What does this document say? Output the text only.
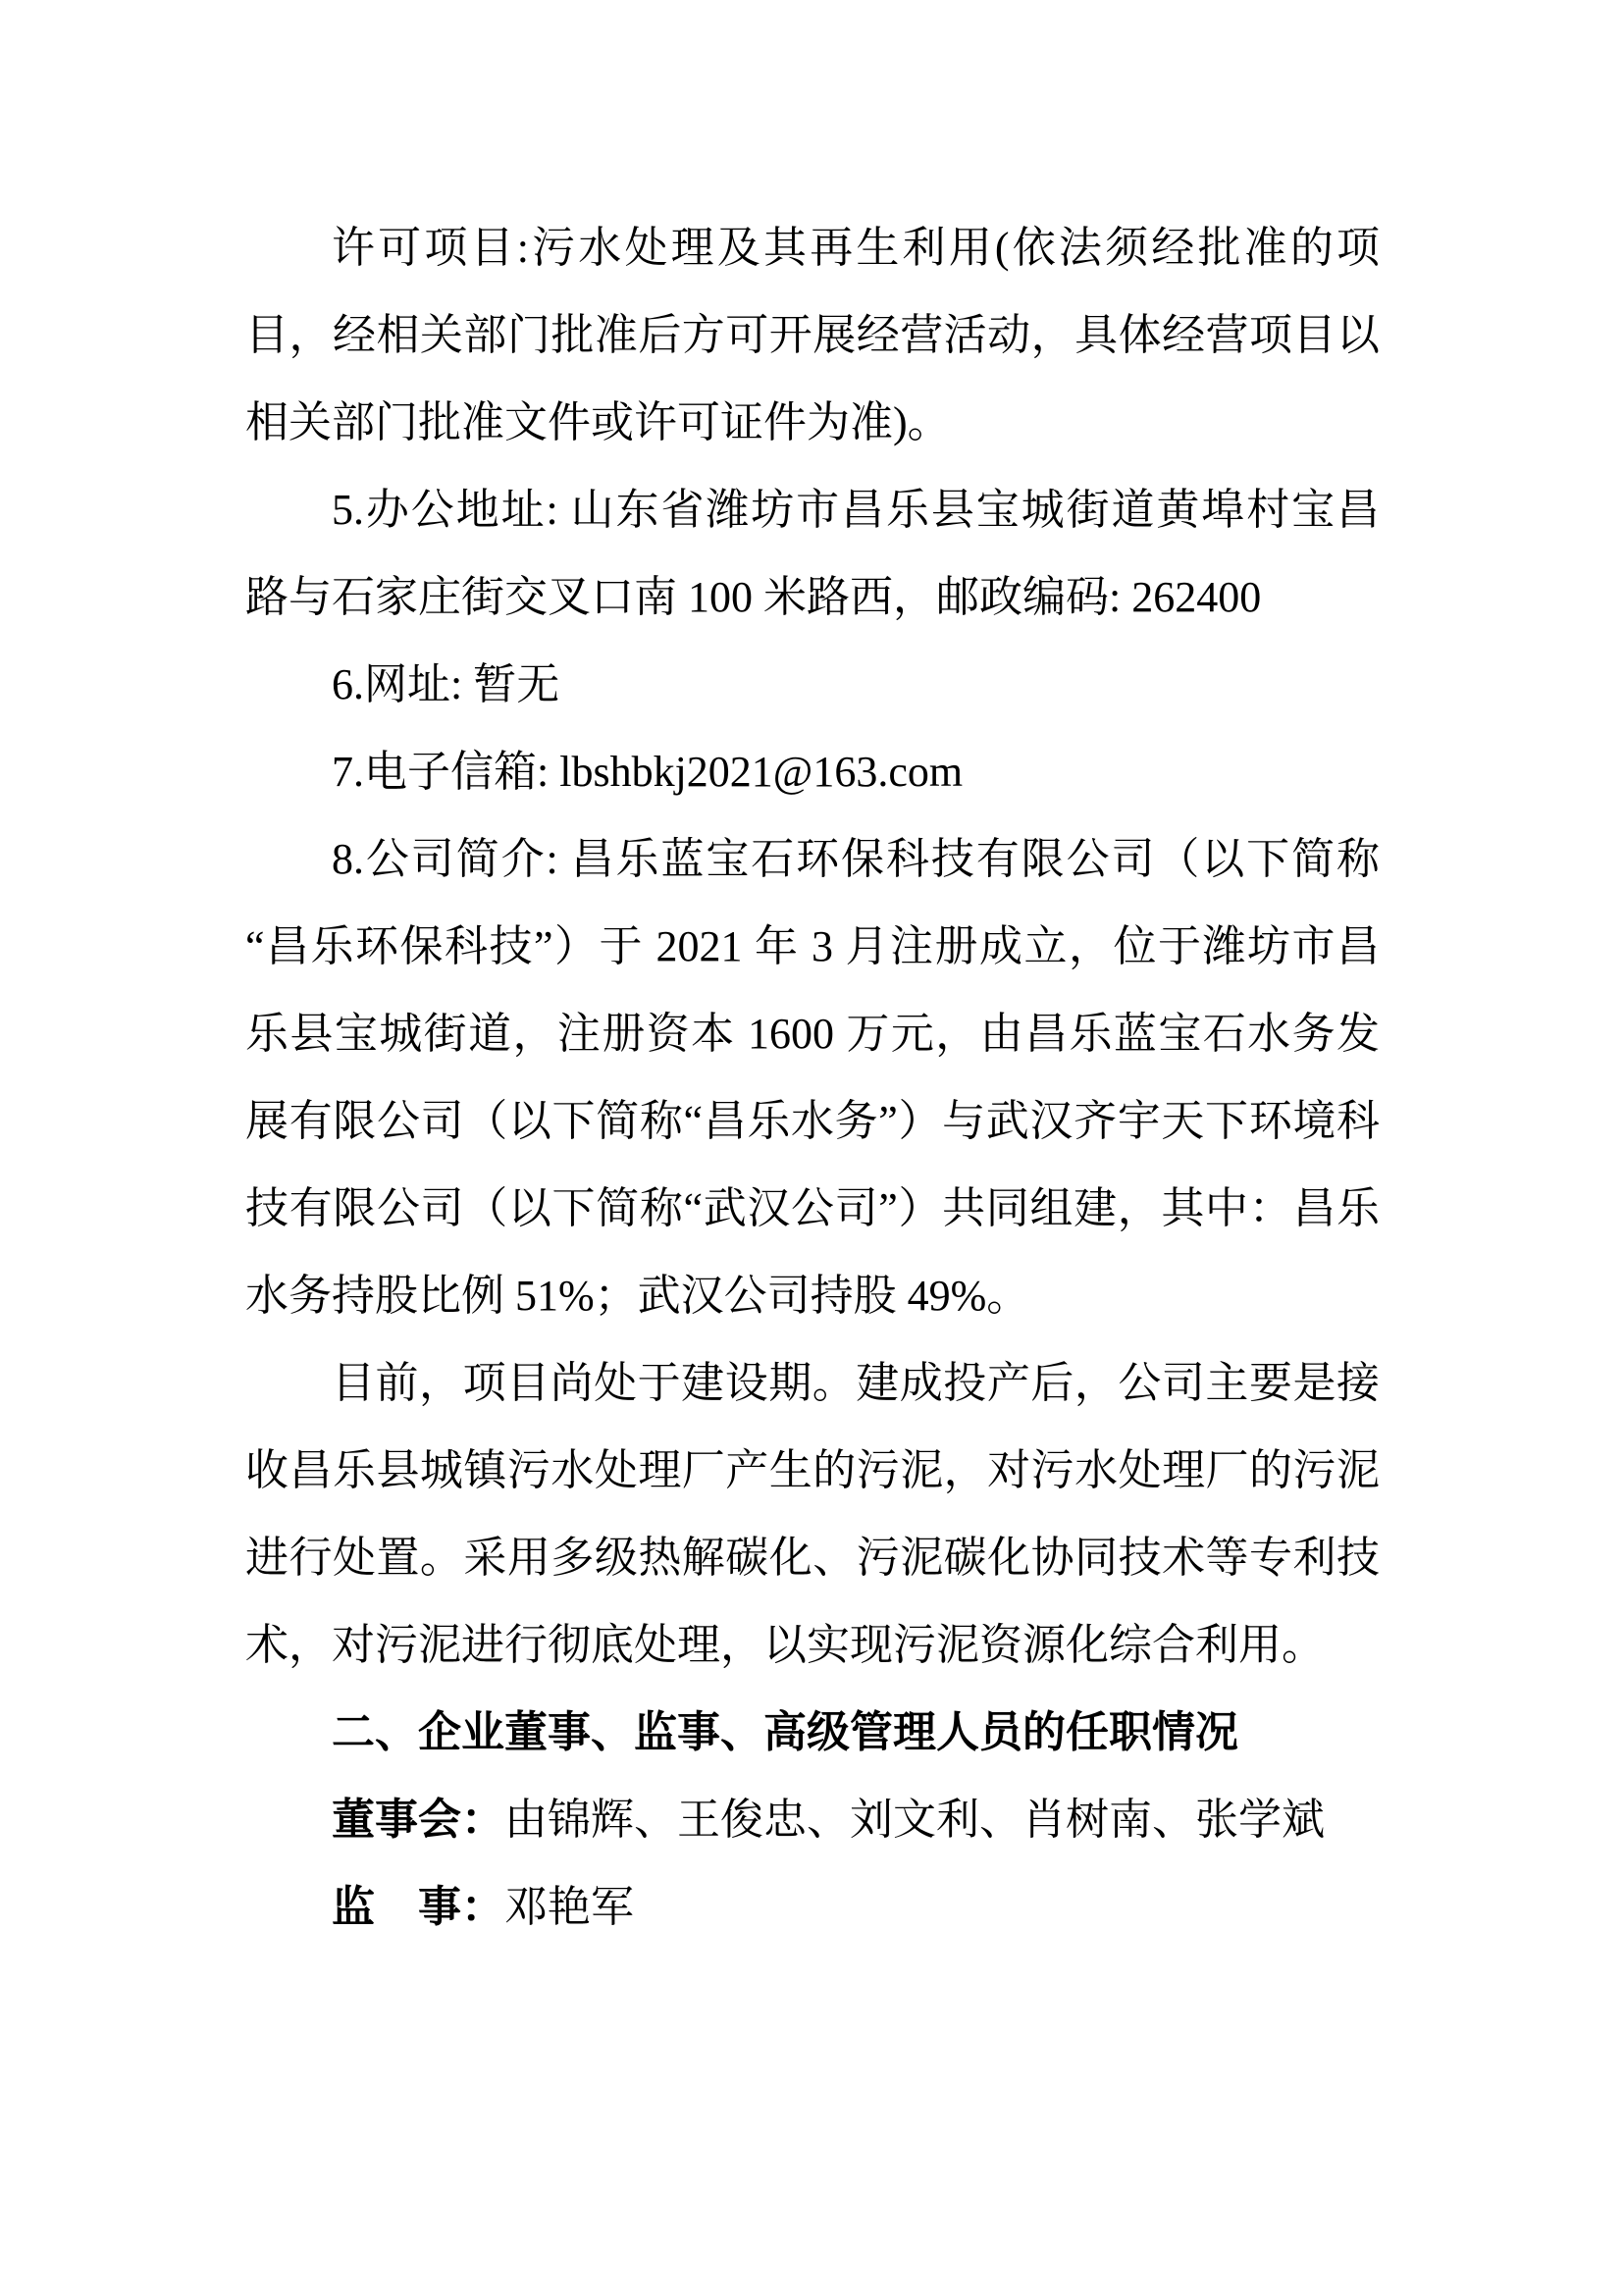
许可项目:污水处理及其再生利用(依法须经批准的项
目，经相关部门批准后方可开展经营活动，具体经营项目以
相关部门批准文件或许可证件为准)。
5.办公地址: 山东省潍坊市昌乐县宝城街道黄埠村宝昌
路与石家庄街交叉口南 100 米路西，邮政编码: 262400
6.网址: 暂无
7.电子信箱: lbshbkj2021@163.com
8.公司简介: 昌乐蓝宝石环保科技有限公司（以下简称
“昌乐环保科技”）于 2021 年 3 月注册成立，位于潍坊市昌
乐县宝城街道，注册资本 1600 万元，由昌乐蓝宝石水务发
展有限公司（以下简称“昌乐水务”）与武汉齐宇天下环境科
技有限公司（以下简称“武汉公司”）共同组建，其中：昌乐
水务持股比例 51%；武汉公司持股 49%。
目前，项目尚处于建设期。建成投产后，公司主要是接
收昌乐县城镇污水处理厂产生的污泥，对污水处理厂的污泥
进行处置。采用多级热解碳化、污泥碳化协同技术等专利技
术，对污泥进行彻底处理，以实现污泥资源化综合利用。
二、企业董事、监事、高级管理人员的任职情况
董事会：由锦辉、王俊忠、刘文利、肖树南、张学斌
监　事：邓艳军
